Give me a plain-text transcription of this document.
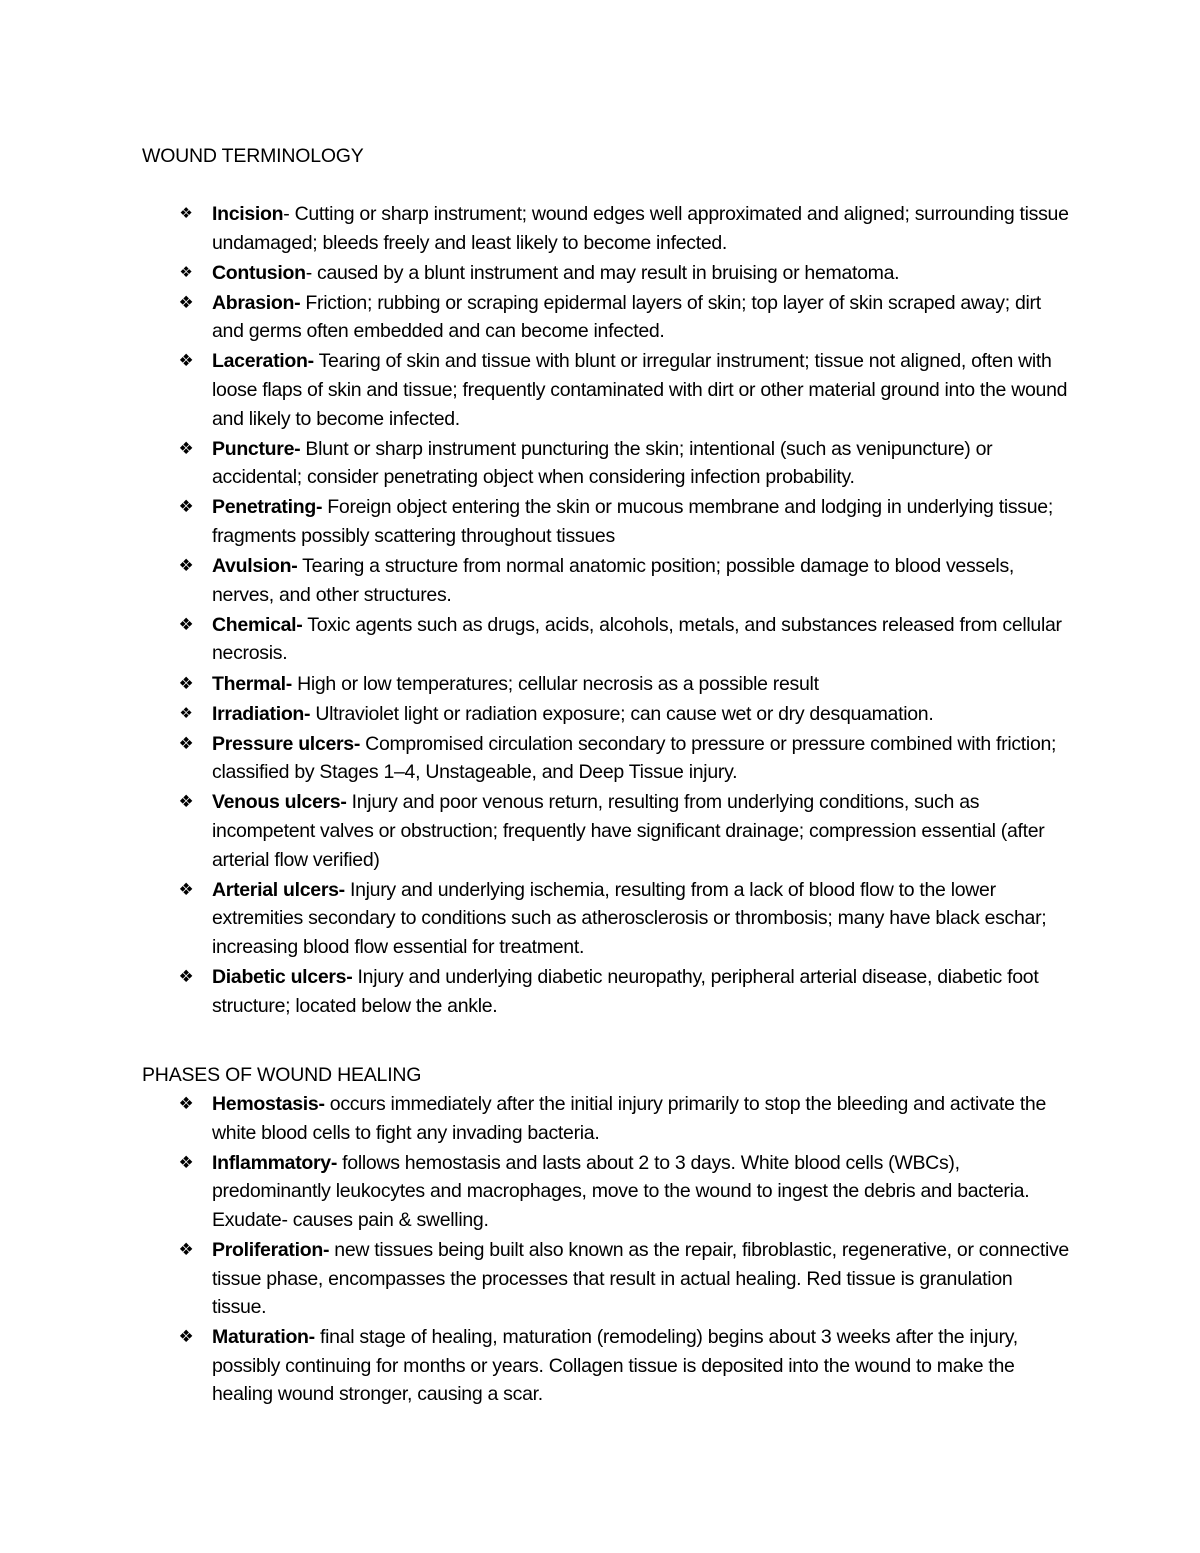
WOUND TERMINOLOGY
❖ Incision- Cutting or sharp instrument; wound edges well approximated and aligned; surrounding tissue undamaged; bleeds freely and least likely to become infected.
❖ Contusion- caused by a blunt instrument and may result in bruising or hematoma.
❖ Abrasion- Friction; rubbing or scraping epidermal layers of skin; top layer of skin scraped away; dirt and germs often embedded and can become infected.
❖ Laceration- Tearing of skin and tissue with blunt or irregular instrument; tissue not aligned, often with loose flaps of skin and tissue; frequently contaminated with dirt or other material ground into the wound and likely to become infected.
❖ Puncture- Blunt or sharp instrument puncturing the skin; intentional (such as venipuncture) or accidental; consider penetrating object when considering infection probability.
❖ Penetrating- Foreign object entering the skin or mucous membrane and lodging in underlying tissue; fragments possibly scattering throughout tissues
❖ Avulsion- Tearing a structure from normal anatomic position; possible damage to blood vessels, nerves, and other structures.
❖ Chemical- Toxic agents such as drugs, acids, alcohols, metals, and substances released from cellular necrosis.
❖ Thermal- High or low temperatures; cellular necrosis as a possible result
❖ Irradiation- Ultraviolet light or radiation exposure; can cause wet or dry desquamation.
❖ Pressure ulcers- Compromised circulation secondary to pressure or pressure combined with friction; classified by Stages 1–4, Unstageable, and Deep Tissue injury.
❖ Venous ulcers- Injury and poor venous return, resulting from underlying conditions, such as incompetent valves or obstruction; frequently have significant drainage; compression essential (after arterial flow verified)
❖ Arterial ulcers- Injury and underlying ischemia, resulting from a lack of blood flow to the lower extremities secondary to conditions such as atherosclerosis or thrombosis; many have black eschar; increasing blood flow essential for treatment.
❖ Diabetic ulcers- Injury and underlying diabetic neuropathy, peripheral arterial disease, diabetic foot structure; located below the ankle.
PHASES OF WOUND HEALING
❖ Hemostasis- occurs immediately after the initial injury primarily to stop the bleeding and activate the white blood cells to fight any invading bacteria.
❖ Inflammatory- follows hemostasis and lasts about 2 to 3 days. White blood cells (WBCs), predominantly leukocytes and macrophages, move to the wound to ingest the debris and bacteria. Exudate- causes pain & swelling.
❖ Proliferation- new tissues being built also known as the repair, fibroblastic, regenerative, or connective tissue phase, encompasses the processes that result in actual healing. Red tissue is granulation tissue.
❖ Maturation- final stage of healing, maturation (remodeling) begins about 3 weeks after the injury, possibly continuing for months or years. Collagen tissue is deposited into the wound to make the healing wound stronger, causing a scar.
